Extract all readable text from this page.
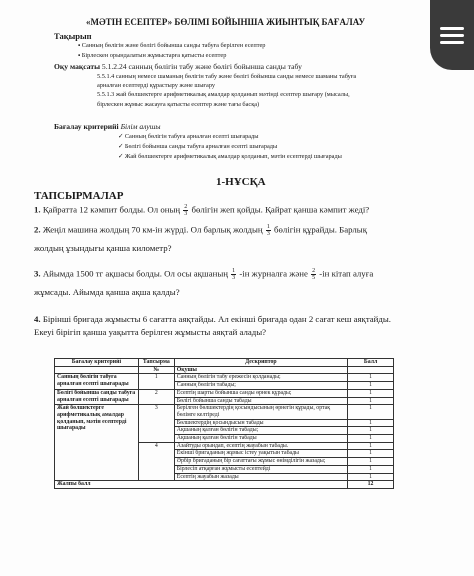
«МӘТІН ЕСЕПТЕР» БӨЛІМІ БОЙЫНША ЖИЫНТЫҚ БАҒАЛАУ
Тақырып
▪ Санның бөлігін және бөлігі бойынша санды табуға берілген есептер
▪ Бірлескен орындалатын жұмыстарға қатысты есептер
Оқу мақсаты 5.1.2.24 санның бөлігін табу және бөлігі бойынша санды табу
5.5.1.4 санның немесе шаманың бөлігін табу және бөлігі бойынша санды немесе шаманы табуға
арналған есептерді құрастыру және шығару
5.5.1.3 жай бөлшектерге арифметикалық амалдар қолданып мәтінді есептер шығару (мысалы,
бірлескен жұмыс жасауға қатысты есептер және тағы басқа)
Бағалау критерийі Білім алушы
✓ Санның бөлігін табуға арналған есепті шығарады
✓ Бөлігі бойынша санды табуға арналған есепті шығарады
✓ Жай бөлшектерге арифметикалық амалдар қолданып, мәтін есептерді шығарады
1-НҰСҚА
ТАПСЫРМАЛАР
1. Қайратта 12 кәмпит болды. Ол оның $\frac{2}{3}$ бөлігін жеп қойды. Қайрат қанша кәмпит жеді?
2. Жеңіл машина жолдың 70 км-ін жүрді. Ол барлық жолдың $\frac{1}{3}$ бөлігін құрайды. Барлық
жолдың ұзындығы қанша километр?
3. Айымда 1500 тг ақшасы болды. Ол осы ақшаның $\frac{1}{3} -ін$ журналға және $\frac{2}{5} -ін$ кітап алуға
жұмсады. Айымда қанша ақша қалды?
4. Бірінші бригада жұмысты 6 сағатта аяқтайды. Ал екінші бригада одан 2 сағат кеш аяқтайды.
Екеуі бірігіп қанша уақытта берілген жұмысты аяқтай алады?
Бағалау критерийі	Тапсырма	Дескриптор	Балл
	№	Оқушы	
Санның бөлігін табуға арналған есепті шығарады	1	Санның бөлігін табу ережесін қолданады;	1
		Санның бөлігін табады;	1
Бөлігі бойынша санды табуға арналған есепті шығарады	2	Есептің шарты бойынша санды өрнек құрады;	1
		Бөлігі бойынша санды табады	1
Жай бөлшектерге арифметикалық амалдар қолданып, мәтін есептерді шығарады	3	Берілген бөлшектердің қосындысының өрнегін құрады, ортақ бөлімге келтіреді	1
		Бөлшектердің қосындысын табады	1
		Ақшаның қалған бөлігін табады;	1
		Ақшаның қалған бөлігін табады	1
	4	Азайтуды орындап, есептің жауабын табады.	1
		Екінші бригаданың жұмыс істеу уақытын табады	1
		Әрбір бригаданың бір сағаттағы жұмыс өнімділігін жазады;	1
		Бірлесіп атқарған жұмысты есептейді	1
		Есептің жауабын жазады	1
Жалпы балл			12
